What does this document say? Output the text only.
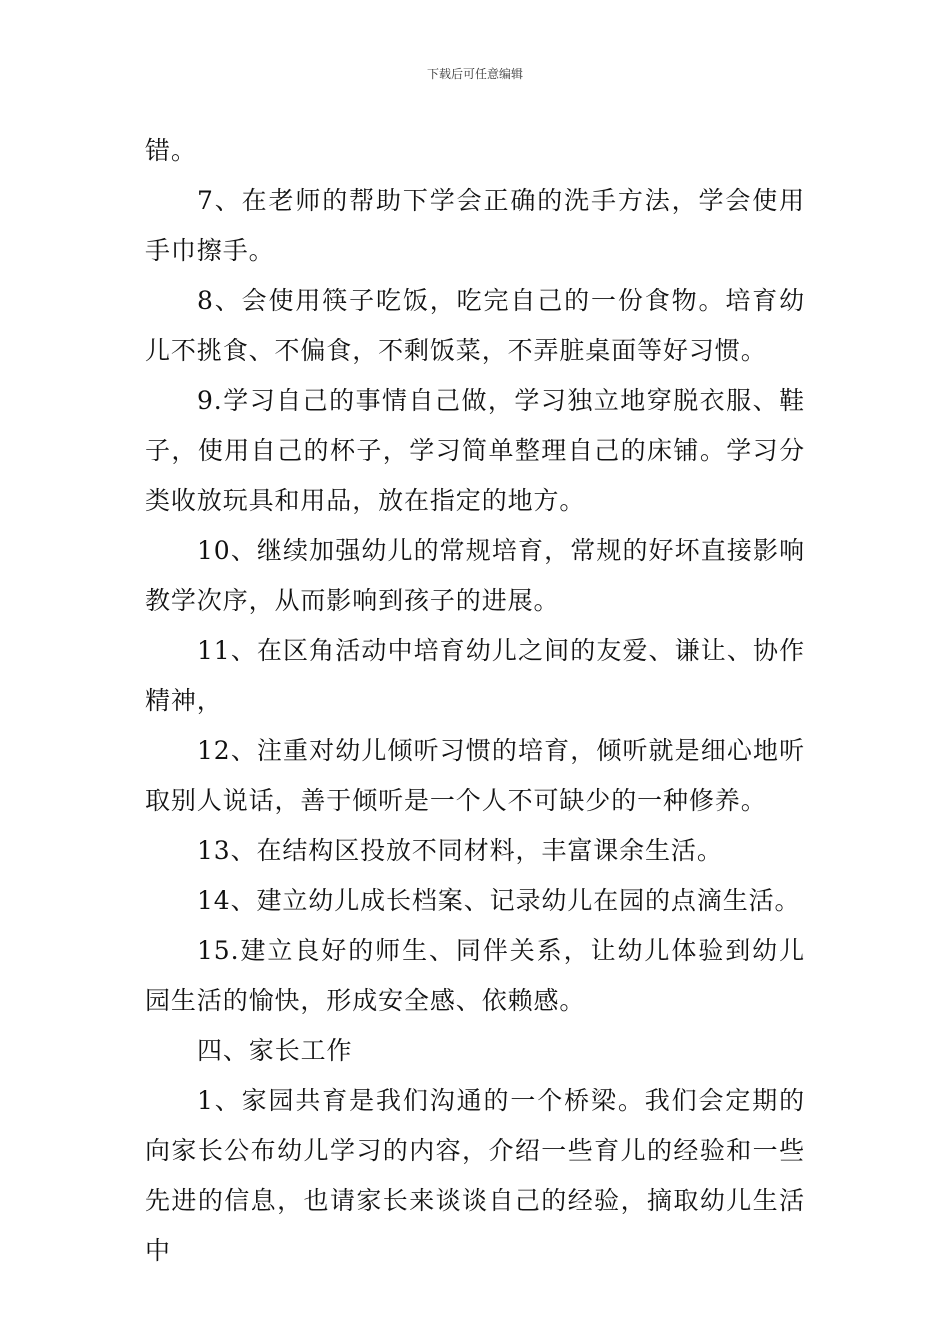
下载后可任意编辑

错。

7、在老师的帮助下学会正确的洗手方法，学会使用手巾擦手。

8、会使用筷子吃饭，吃完自己的一份食物。培育幼儿不挑食、不偏食，不剩饭菜，不弄脏桌面等好习惯。

9.学习自己的事情自己做，学习独立地穿脱衣服、鞋子，使用自己的杯子，学习简单整理自己的床铺。学习分类收放玩具和用品，放在指定的地方。

10、继续加强幼儿的常规培育，常规的好坏直接影响教学次序，从而影响到孩子的进展。

11、在区角活动中培育幼儿之间的友爱、谦让、协作精神，

12、注重对幼儿倾听习惯的培育，倾听就是细心地听取别人说话，善于倾听是一个人不可缺少的一种修养。

13、在结构区投放不同材料，丰富课余生活。

14、建立幼儿成长档案、记录幼儿在园的点滴生活。

15.建立良好的师生、同伴关系，让幼儿体验到幼儿园生活的愉快，形成安全感、依赖感。

四、家长工作

1、家园共育是我们沟通的一个桥梁。我们会定期的向家长公布幼儿学习的内容，介绍一些育儿的经验和一些先进的信息，也请家长来谈谈自己的经验，摘取幼儿生活中
